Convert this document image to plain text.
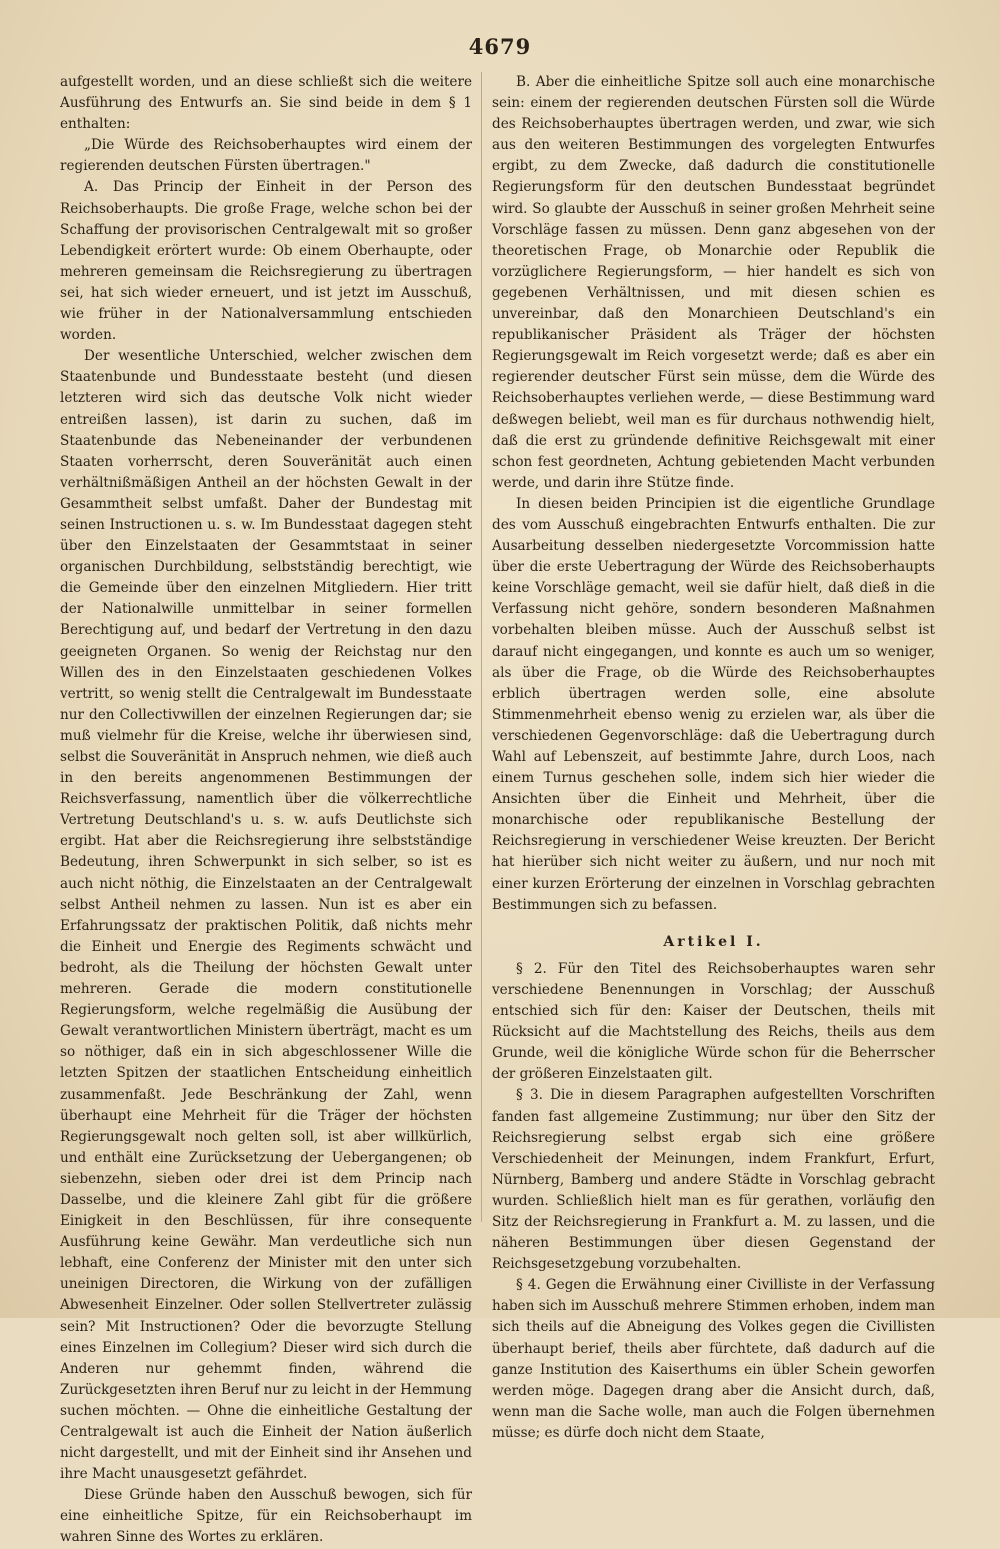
4679

aufgestellt worden, und an diese schließt sich die weitere Ausführung des Entwurfs an. Sie sind beide in dem § 1 enthalten:

„Die Würde des Reichsoberhauptes wird einem der regierenden deutschen Fürsten übertragen."

A. Das Princip der Einheit in der Person des Reichsoberhaupts. Die große Frage, welche schon bei der Schaffung der provisorischen Centralgewalt mit so großer Lebendigkeit erörtert wurde: Ob einem Oberhaupte, oder mehreren gemeinsam die Reichsregierung zu übertragen sei, hat sich wieder erneuert, und ist jetzt im Ausschuß, wie früher in der Nationalversammlung entschieden worden.

Der wesentliche Unterschied, welcher zwischen dem Staatenbunde und Bundesstaate besteht (und diesen letzteren wird sich das deutsche Volk nicht wieder entreißen lassen), ist darin zu suchen, daß im Staatenbunde das Nebeneinander der verbundenen Staaten vorherrscht, deren Souveränität auch einen verhältnißmäßigen Antheil an der höchsten Gewalt in der Gesammtheit selbst umfaßt. Daher der Bundestag mit seinen Instructionen u. s. w. Im Bundesstaat dagegen steht über den Einzelstaaten der Gesammtstaat in seiner organischen Durchbildung, selbstständig berechtigt, wie die Gemeinde über den einzelnen Mitgliedern. Hier tritt der Nationalwille unmittelbar in seiner formellen Berechtigung auf, und bedarf der Vertretung in den dazu geeigneten Organen. So wenig der Reichstag nur den Willen des in den Einzelstaaten geschiedenen Volkes vertritt, so wenig stellt die Centralgewalt im Bundesstaate nur den Collectivwillen der einzelnen Regierungen dar; sie muß vielmehr für die Kreise, welche ihr überwiesen sind, selbst die Souveränität in Anspruch nehmen, wie dieß auch in den bereits angenommenen Bestimmungen der Reichsverfassung, namentlich über die völkerrechtliche Vertretung Deutschland's u. s. w. aufs Deutlichste sich ergibt. Hat aber die Reichsregierung ihre selbstständige Bedeutung, ihren Schwerpunkt in sich selber, so ist es auch nicht nöthig, die Einzelstaaten an der Centralgewalt selbst Antheil nehmen zu lassen. Nun ist es aber ein Erfahrungssatz der praktischen Politik, daß nichts mehr die Einheit und Energie des Regiments schwächt und bedroht, als die Theilung der höchsten Gewalt unter mehreren. Gerade die modern constitutionelle Regierungsform, welche regelmäßig die Ausübung der Gewalt verantwortlichen Ministern überträgt, macht es um so nöthiger, daß ein in sich abgeschlossener Wille die letzten Spitzen der staatlichen Entscheidung einheitlich zusammenfaßt. Jede Beschränkung der Zahl, wenn überhaupt eine Mehrheit für die Träger der höchsten Regierungsgewalt noch gelten soll, ist aber willkürlich, und enthält eine Zurücksetzung der Uebergangenen; ob siebenzehn, sieben oder drei ist dem Princip nach Dasselbe, und die kleinere Zahl gibt für die größere Einigkeit in den Beschlüssen, für ihre consequente Ausführung keine Gewähr. Man verdeutliche sich nun lebhaft, eine Conferenz der Minister mit den unter sich uneinigen Directoren, die Wirkung von der zufälligen Abwesenheit Einzelner. Oder sollen Stellvertreter zulässig sein? Mit Instructionen? Oder die bevorzugte Stellung eines Einzelnen im Collegium? Dieser wird sich durch die Anderen nur gehemmt finden, während die Zurückgesetzten ihren Beruf nur zu leicht in der Hemmung suchen möchten. — Ohne die einheitliche Gestaltung der Centralgewalt ist auch die Einheit der Nation äußerlich nicht dargestellt, und mit der Einheit sind ihr Ansehen und ihre Macht unausgesetzt gefährdet.

Diese Gründe haben den Ausschuß bewogen, sich für eine einheitliche Spitze, für ein Reichsoberhaupt im wahren Sinne des Wortes zu erklären.

B. Aber die einheitliche Spitze soll auch eine monarchische sein: einem der regierenden deutschen Fürsten soll die Würde des Reichsoberhauptes übertragen werden, und zwar, wie sich aus den weiteren Bestimmungen des vorgelegten Entwurfes ergibt, zu dem Zwecke, daß dadurch die constitutionelle Regierungsform für den deutschen Bundesstaat begründet wird. So glaubte der Ausschuß in seiner großen Mehrheit seine Vorschläge fassen zu müssen. Denn ganz abgesehen von der theoretischen Frage, ob Monarchie oder Republik die vorzüglichere Regierungsform, — hier handelt es sich von gegebenen Verhältnissen, und mit diesen schien es unvereinbar, daß den Monarchieen Deutschland's ein republikanischer Präsident als Träger der höchsten Regierungsgewalt im Reich vorgesetzt werde; daß es aber ein regierender deutscher Fürst sein müsse, dem die Würde des Reichsoberhauptes verliehen werde, — diese Bestimmung ward deßwegen beliebt, weil man es für durchaus nothwendig hielt, daß die erst zu gründende definitive Reichsgewalt mit einer schon fest geordneten, Achtung gebietenden Macht verbunden werde, und darin ihre Stütze finde.

In diesen beiden Principien ist die eigentliche Grundlage des vom Ausschuß eingebrachten Entwurfs enthalten. Die zur Ausarbeitung desselben niedergesetzte Vorcommission hatte über die erste Uebertragung der Würde des Reichsoberhaupts keine Vorschläge gemacht, weil sie dafür hielt, daß dieß in die Verfassung nicht gehöre, sondern besonderen Maßnahmen vorbehalten bleiben müsse. Auch der Ausschuß selbst ist darauf nicht eingegangen, und konnte es auch um so weniger, als über die Frage, ob die Würde des Reichsoberhauptes erblich übertragen werden solle, eine absolute Stimmenmehrheit ebenso wenig zu erzielen war, als über die verschiedenen Gegenvorschläge: daß die Uebertragung durch Wahl auf Lebenszeit, auf bestimmte Jahre, durch Loos, nach einem Turnus geschehen solle, indem sich hier wieder die Ansichten über die Einheit und Mehrheit, über die monarchische oder republikanische Bestellung der Reichsregierung in verschiedener Weise kreuzten. Der Bericht hat hierüber sich nicht weiter zu äußern, und nur noch mit einer kurzen Erörterung der einzelnen in Vorschlag gebrachten Bestimmungen sich zu befassen.

Artikel I.

§ 2. Für den Titel des Reichsoberhauptes waren sehr verschiedene Benennungen in Vorschlag; der Ausschuß entschied sich für den: Kaiser der Deutschen, theils mit Rücksicht auf die Machtstellung des Reichs, theils aus dem Grunde, weil die königliche Würde schon für die Beherrscher der größeren Einzelstaaten gilt.

§ 3. Die in diesem Paragraphen aufgestellten Vorschriften fanden fast allgemeine Zustimmung; nur über den Sitz der Reichsregierung selbst ergab sich eine größere Verschiedenheit der Meinungen, indem Frankfurt, Erfurt, Nürnberg, Bamberg und andere Städte in Vorschlag gebracht wurden. Schließlich hielt man es für gerathen, vorläufig den Sitz der Reichsregierung in Frankfurt a. M. zu lassen, und die näheren Bestimmungen über diesen Gegenstand der Reichsgesetzgebung vorzubehalten.

§ 4. Gegen die Erwähnung einer Civilliste in der Verfassung haben sich im Ausschuß mehrere Stimmen erhoben, indem man sich theils auf die Abneigung des Volkes gegen die Civillisten überhaupt berief, theils aber fürchtete, daß dadurch auf die ganze Institution des Kaiserthums ein übler Schein geworfen werden möge. Dagegen drang aber die Ansicht durch, daß, wenn man die Sache wolle, man auch die Folgen übernehmen müsse; es dürfe doch nicht dem Staate,
